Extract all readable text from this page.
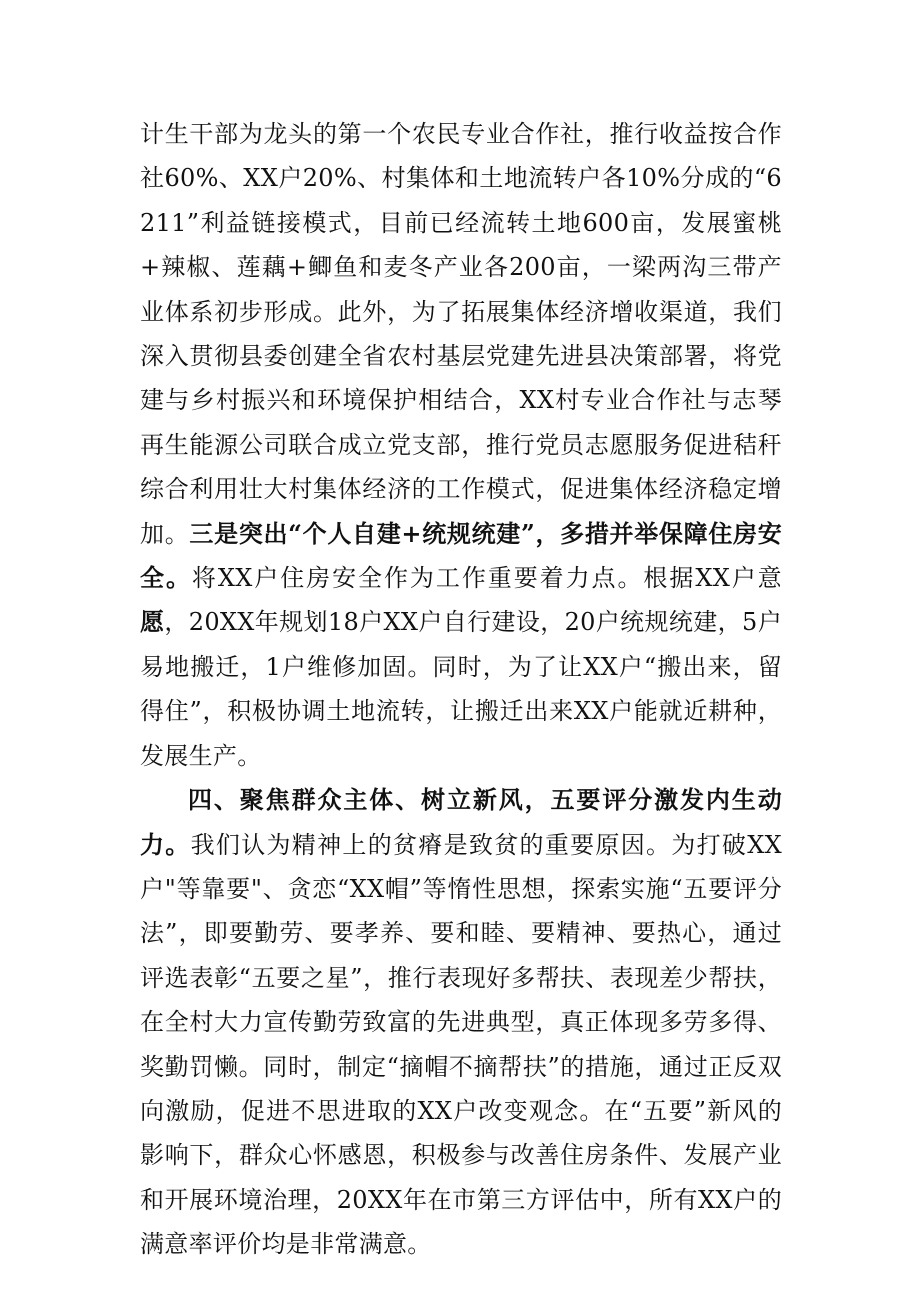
计生干部为龙头的第一个农民专业合作社，推行收益按合作社60%、XX户20%、村集体和土地流转户各10%分成的“6211”利益链接模式，目前已经流转土地600亩，发展蜜桃+辣椒、莲藕+鲫鱼和麦冬产业各200亩，一梁两沟三带产业体系初步形成。此外，为了拓展集体经济增收渠道，我们深入贯彻县委创建全省农村基层党建先进县决策部署，将党建与乡村振兴和环境保护相结合，XX村专业合作社与志琴再生能源公司联合成立党支部，推行党员志愿服务促进秸秆综合利用壮大村集体经济的工作模式，促进集体经济稳定增加。三是突出“个人自建+统规统建”，多措并举保障住房安全。将XX户住房安全作为工作重要着力点。根据XX户意愿，20XX年规划18户XX户自行建设，20户统规统建，5户易地搬迁，1户维修加固。同时，为了让XX户“搬出来，留得住”，积极协调土地流转，让搬迁出来XX户能就近耕种，发展生产。

四、聚焦群众主体、树立新风，五要评分激发内生动力。我们认为精神上的贫瘠是致贫的重要原因。为打破XX户"等靠要"、贪恋“XX帽”等惰性思想，探索实施“五要评分法”，即要勤劳、要孝养、要和睦、要精神、要热心，通过评选表彰“五要之星”，推行表现好多帮扶、表现差少帮扶，在全村大力宣传勤劳致富的先进典型，真正体现多劳多得、奖勤罚懒。同时，制定“摘帽不摘帮扶”的措施，通过正反双向激励，促进不思进取的XX户改变观念。在“五要”新风的影响下，群众心怀感恩，积极参与改善住房条件、发展产业和开展环境治理，20XX年在市第三方评估中，所有XX户的满意率评价均是非常满意。
